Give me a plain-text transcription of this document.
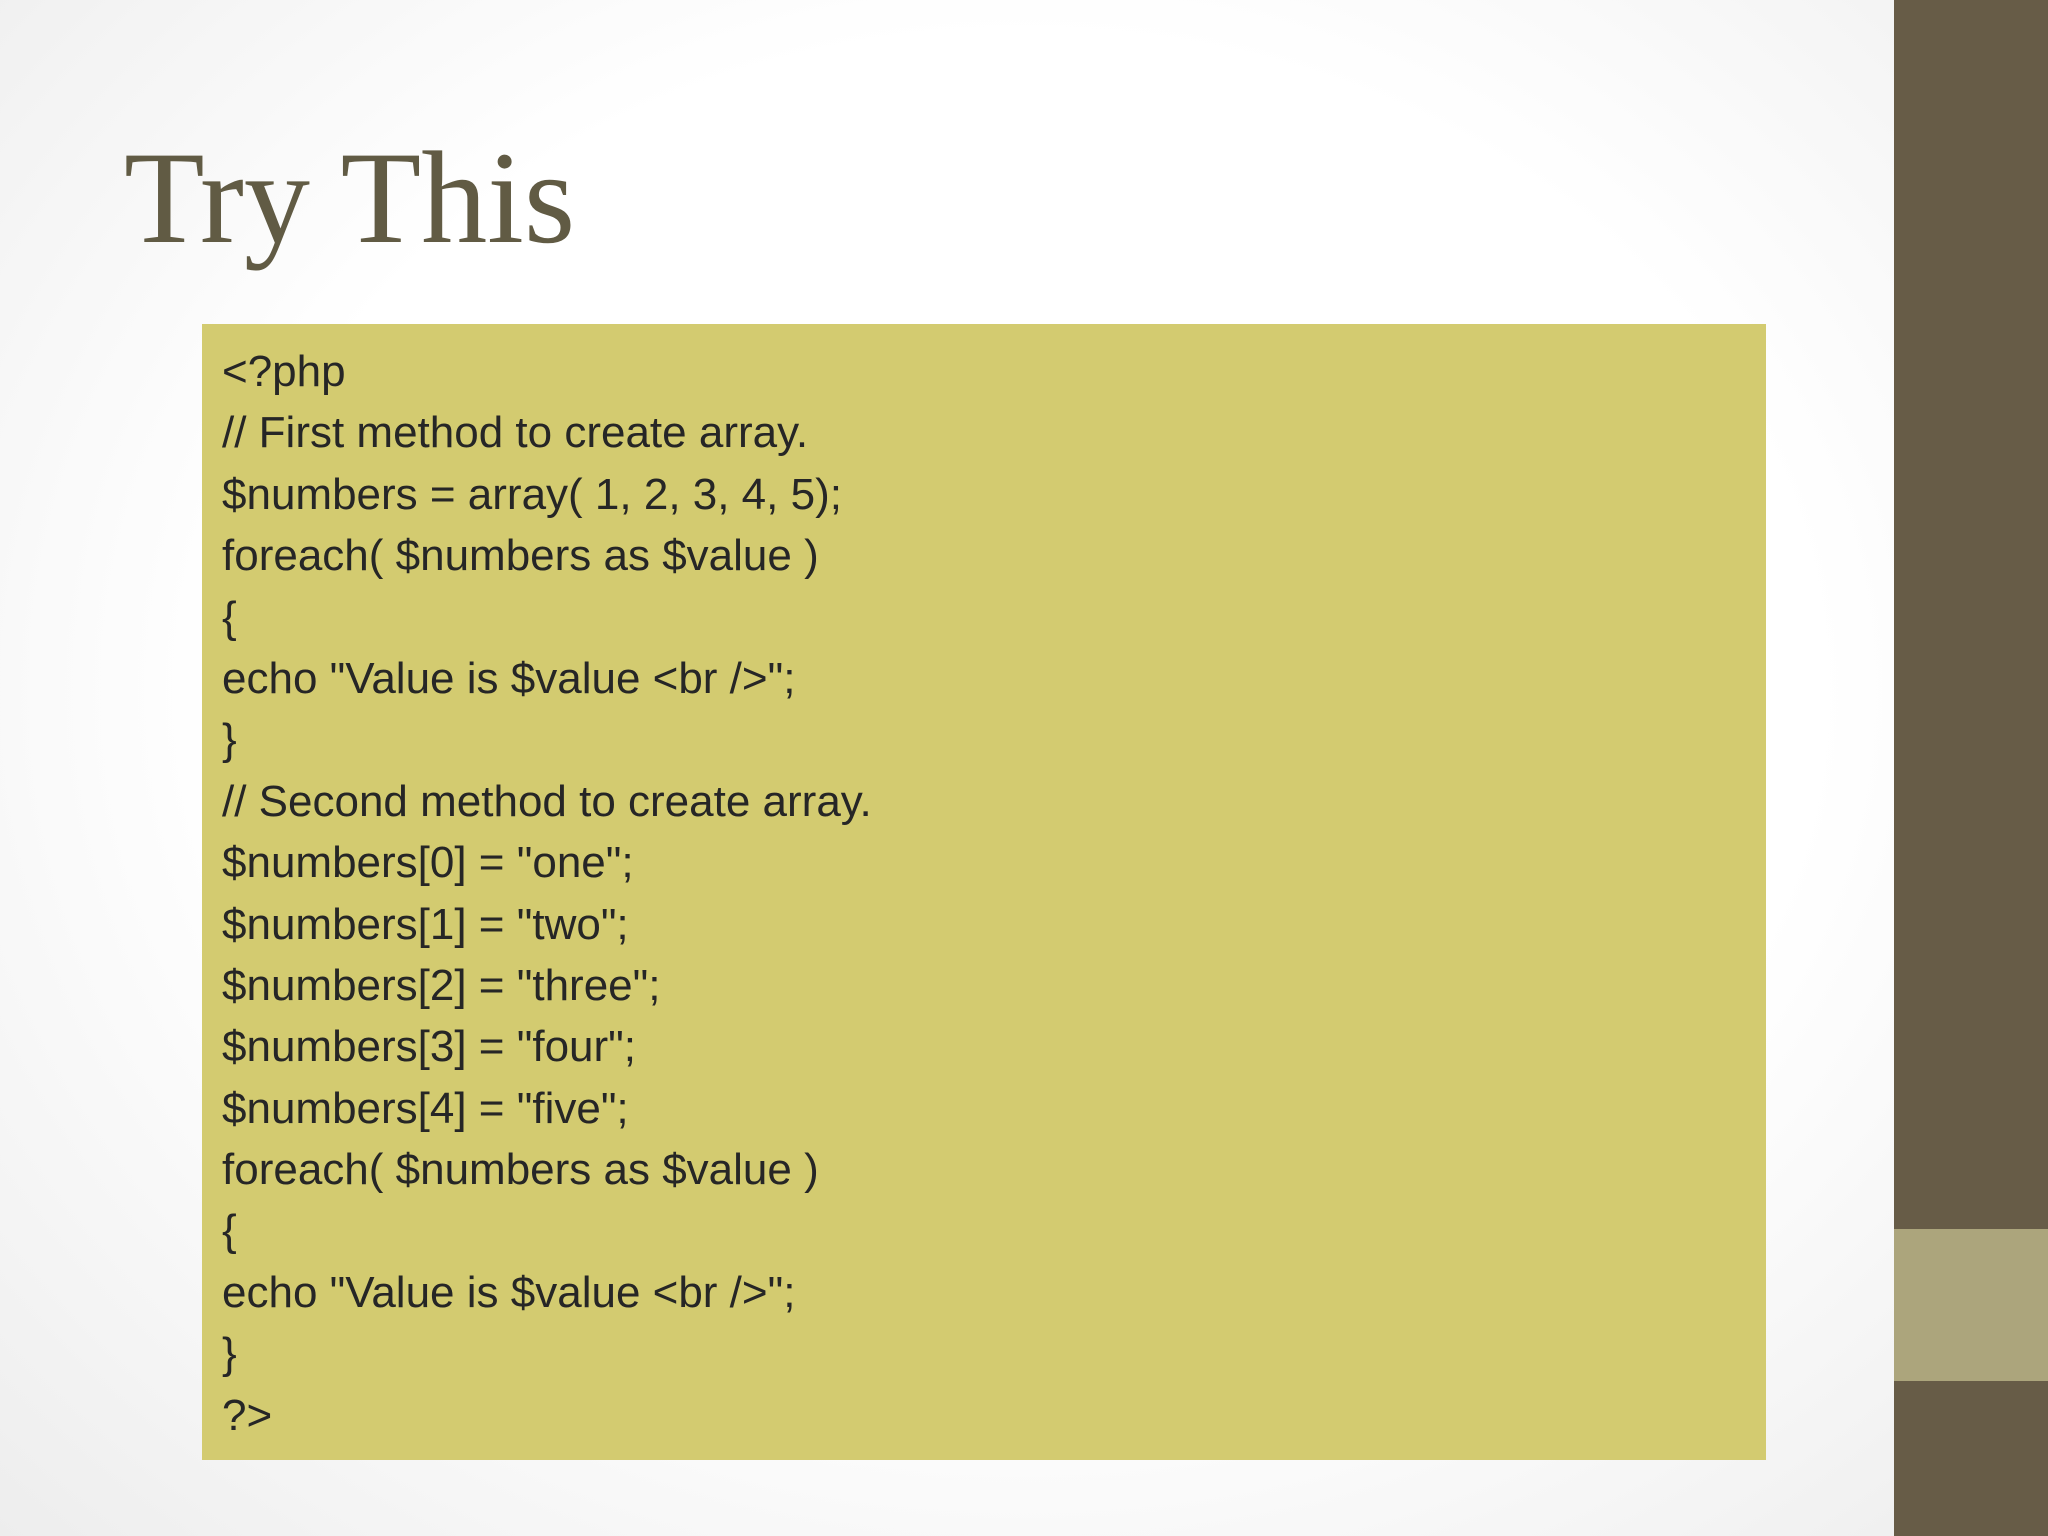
Try This
<?php
// First method to create array.
$numbers = array( 1, 2, 3, 4, 5);
foreach( $numbers as $value )
{
echo "Value is $value <br />";
}
// Second method to create array.
$numbers[0] = "one";
$numbers[1] = "two";
$numbers[2] = "three";
$numbers[3] = "four";
$numbers[4] = "five";
foreach( $numbers as $value )
{
echo "Value is $value <br />";
}
?>
